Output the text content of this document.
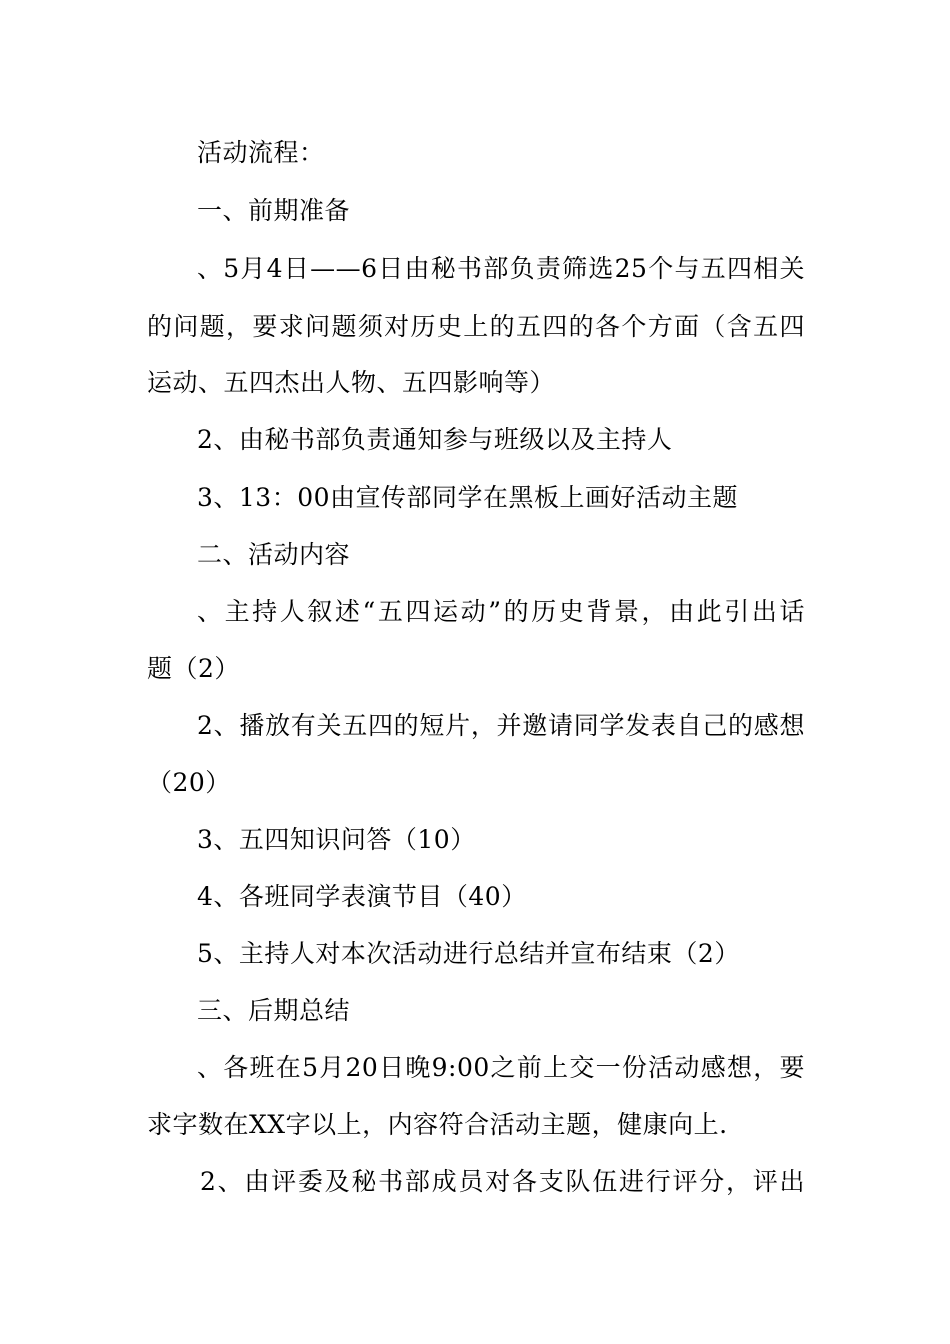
活动流程：
一、前期准备
、5月4日——6日由秘书部负责筛选25个与五四相关
的问题，要求问题须对历史上的五四的各个方面（含五四
运动、五四杰出人物、五四影响等）
2、由秘书部负责通知参与班级以及主持人
3、13：00由宣传部同学在黑板上画好活动主题
二、活动内容
、主持人叙述“五四运动”的历史背景，由此引出话
题（2）
2、播放有关五四的短片，并邀请同学发表自己的感想
（20）
3、五四知识问答（10）
4、各班同学表演节目（40）
5、主持人对本次活动进行总结并宣布结束（2）
三、后期总结
、各班在5月20日晚9:00之前上交一份活动感想，要
求字数在XX字以上，内容符合活动主题，健康向上.
2、由评委及秘书部成员对各支队伍进行评分，评出
